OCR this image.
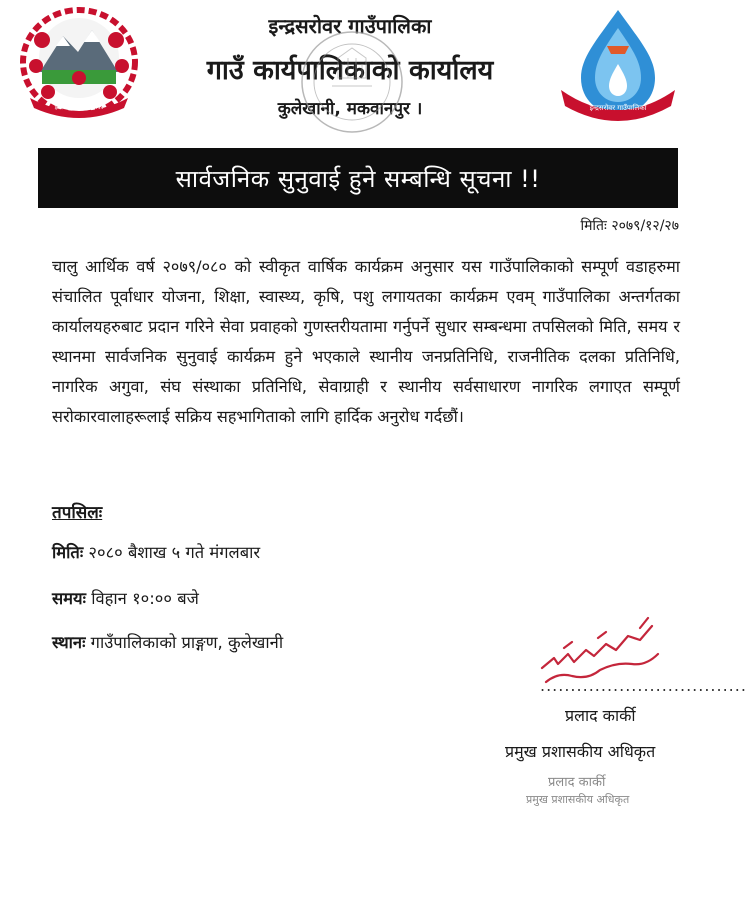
इन्द्रसरोवर गाउँपालिका
इन्द्रसरोवर गाउँपालिका
गाउँ कार्यपालिकाको कार्यालय
कुलेखानी, मकवानपुर ।	इन्द्रसरोवर गाउँपालिका
सार्वजनिक सुनुवाई हुने सम्बन्धि सूचना !!
मितिः २०७९/१२/२७
चालु आर्थिक वर्ष २०७९/०८० को स्वीकृत वार्षिक कार्यक्रम अनुसार यस गाउँपालिकाको सम्पूर्ण वडाहरुमा संचालित पूर्वाधार योजना, शिक्षा, स्वास्थ्य, कृषि, पशु लगायतका कार्यक्रम एवम् गाउँपालिका अन्तर्गतका कार्यालयहरुबाट प्रदान गरिने सेवा प्रवाहको गुणस्तरीयतामा गर्नुपर्ने सुधार सम्बन्धमा तपसिलको मिति, समय र स्थानमा सार्वजनिक सुनुवाई कार्यक्रम हुने भएकाले स्थानीय जनप्रतिनिधि, राजनीतिक दलका प्रतिनिधि, नागरिक अगुवा, संघ संस्थाका प्रतिनिधि, सेवाग्राही र स्थानीय सर्वसाधारण नागरिक लगाएत सम्पूर्ण सरोकारवालाहरूलाई सक्रिय सहभागिताको लागि हार्दिक अनुरोध गर्दछौं।
तपसिलः
मितिः २०८० बैशाख ५ गते मंगलबार
समयः विहान १०:०० बजे
स्थानः गाउँपालिकाको प्राङ्गण, कुलेखानी
..................................
प्रलाद कार्की
प्रमुख प्रशासकीय अधिकृत
प्रलाद कार्की
प्रमुख प्रशासकीय अधिकृत
